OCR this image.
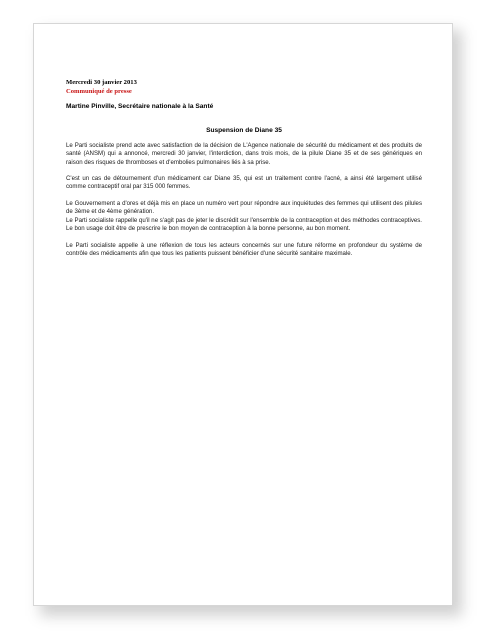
Mercredi 30 janvier 2013
Communiqué de presse
Martine Pinville, Secrétaire nationale à la Santé
Suspension de Diane 35

Le Parti socialiste prend acte avec satisfaction de la décision de L'Agence nationale de sécurité du médicament et des produits de santé (ANSM) qui a annoncé, mercredi 30 janvier, l'interdiction, dans trois mois, de la pilule Diane 35 et de ses génériques en raison des risques de thromboses et d'embolies pulmonaires liés à sa prise.

C'est un cas de détournement d'un médicament car Diane 35, qui est un traitement contre l'acné, a ainsi été largement utilisé comme contraceptif oral par 315 000 femmes.

Le Gouvernement a d'ores et déjà mis en place un numéro vert pour répondre aux inquiétudes des femmes qui utilisent des pilules de 3ème et de 4ème génération.

Le Parti socialiste rappelle qu'il ne s'agit pas de jeter le discrédit sur l'ensemble de la contraception et des méthodes contraceptives. Le bon usage doit être de prescrire le bon moyen de contraception à la bonne personne, au bon moment.

Le Parti socialiste appelle à une réflexion de tous les acteurs concernés sur une future réforme en profondeur du système de contrôle des médicaments afin que tous les patients puissent bénéficier d'une sécurité sanitaire maximale.
